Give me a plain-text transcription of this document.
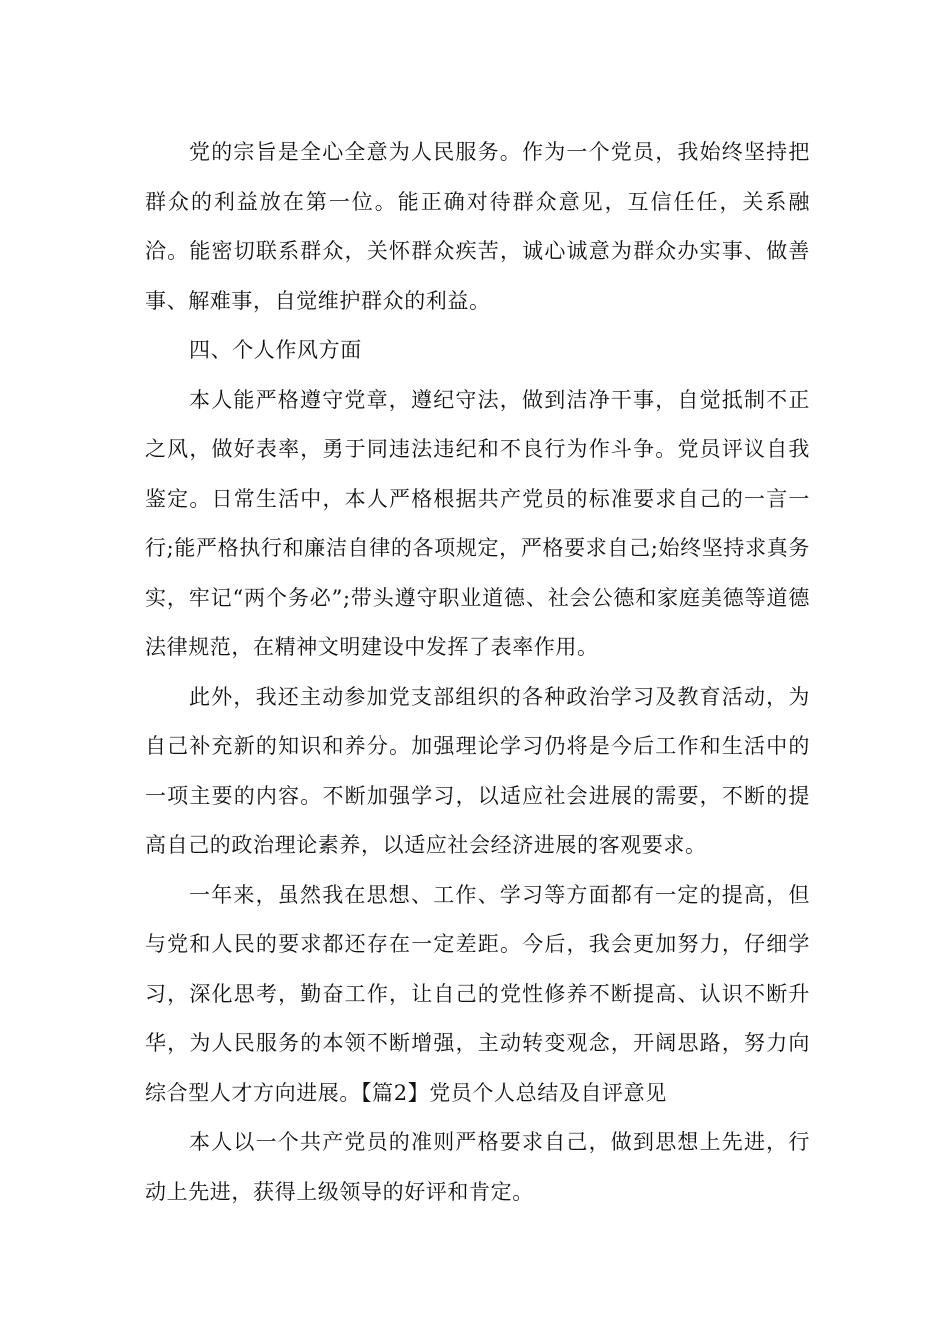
党的宗旨是全心全意为人民服务。作为一个党员，我始终坚持把群众的利益放在第一位。能正确对待群众意见，互信任任，关系融洽。能密切联系群众，关怀群众疾苦，诚心诚意为群众办实事、做善事、解难事，自觉维护群众的利益。

四、个人作风方面

本人能严格遵守党章，遵纪守法，做到洁净干事，自觉抵制不正之风，做好表率，勇于同违法违纪和不良行为作斗争。党员评议自我鉴定。日常生活中，本人严格根据共产党员的标准要求自己的一言一行;能严格执行和廉洁自律的各项规定，严格要求自己;始终坚持求真务实，牢记“两个务必”;带头遵守职业道德、社会公德和家庭美德等道德法律规范，在精神文明建设中发挥了表率作用。

此外，我还主动参加党支部组织的各种政治学习及教育活动，为自己补充新的知识和养分。加强理论学习仍将是今后工作和生活中的一项主要的内容。不断加强学习，以适应社会进展的需要，不断的提高自己的政治理论素养，以适应社会经济进展的客观要求。

一年来，虽然我在思想、工作、学习等方面都有一定的提高，但与党和人民的要求都还存在一定差距。今后，我会更加努力，仔细学习，深化思考，勤奋工作，让自己的党性修养不断提高、认识不断升华，为人民服务的本领不断增强，主动转变观念，开阔思路，努力向综合型人才方向进展。【篇2】党员个人总结及自评意见

本人以一个共产党员的准则严格要求自己，做到思想上先进，行动上先进，获得上级领导的好评和肯定。
